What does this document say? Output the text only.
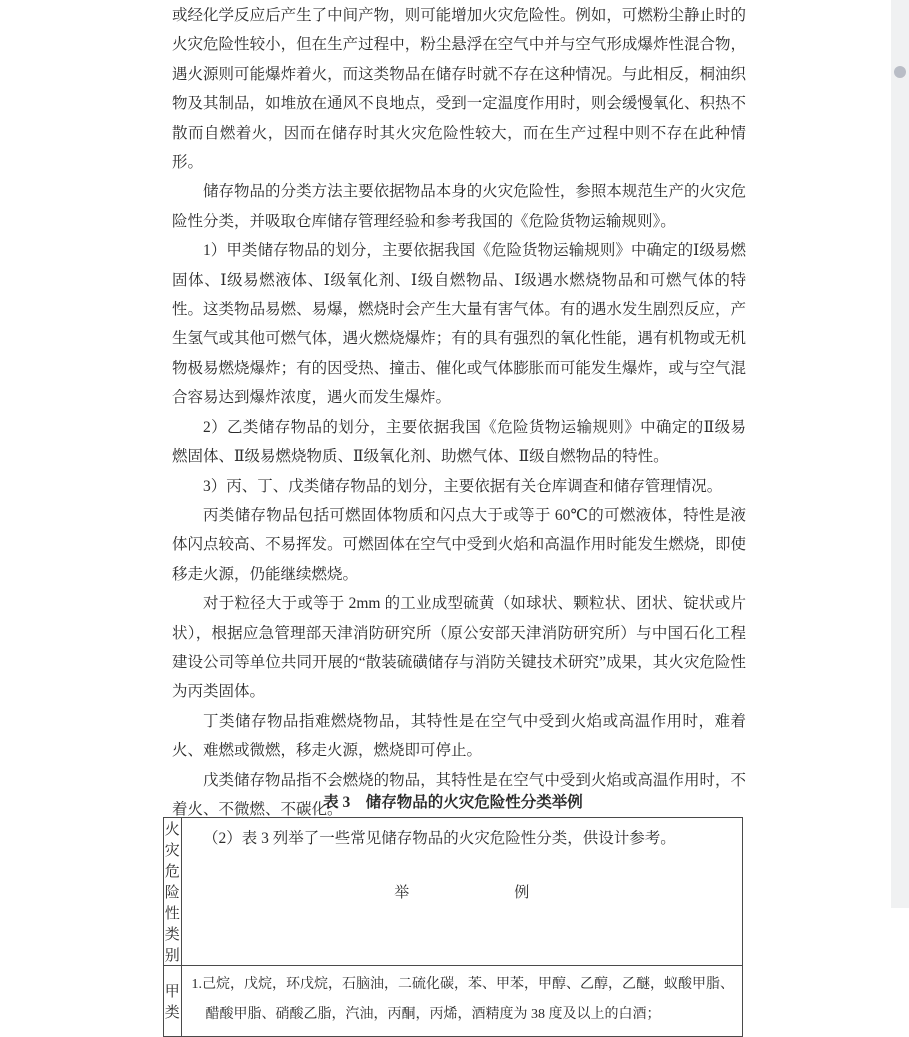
或经化学反应后产生了中间产物，则可能增加火灾危险性。例如，可燃粉尘静止时的火灾危险性较小，但在生产过程中，粉尘悬浮在空气中并与空气形成爆炸性混合物，遇火源则可能爆炸着火，而这类物品在储存时就不存在这种情况。与此相反，桐油织物及其制品，如堆放在通风不良地点，受到一定温度作用时，则会缓慢氧化、积热不散而自燃着火，因而在储存时其火灾危险性较大，而在生产过程中则不存在此种情形。

储存物品的分类方法主要依据物品本身的火灾危险性，参照本规范生产的火灾危险性分类，并吸取仓库储存管理经验和参考我国的《危险货物运输规则》。

1）甲类储存物品的划分，主要依据我国《危险货物运输规则》中确定的Ⅰ级易燃固体、Ⅰ级易燃液体、Ⅰ级氧化剂、Ⅰ级自燃物品、Ⅰ级遇水燃烧物品和可燃气体的特性。这类物品易燃、易爆，燃烧时会产生大量有害气体。有的遇水发生剧烈反应，产生氢气或其他可燃气体，遇火燃烧爆炸；有的具有强烈的氧化性能，遇有机物或无机物极易燃烧爆炸；有的因受热、撞击、催化或气体膨胀而可能发生爆炸，或与空气混合容易达到爆炸浓度，遇火而发生爆炸。

2）乙类储存物品的划分，主要依据我国《危险货物运输规则》中确定的Ⅱ级易燃固体、Ⅱ级易燃烧物质、Ⅱ级氧化剂、助燃气体、Ⅱ级自燃物品的特性。

3）丙、丁、戊类储存物品的划分，主要依据有关仓库调查和储存管理情况。

丙类储存物品包括可燃固体物质和闪点大于或等于 60℃的可燃液体，特性是液体闪点较高、不易挥发。可燃固体在空气中受到火焰和高温作用时能发生燃烧，即使移走火源，仍能继续燃烧。

对于粒径大于或等于 2mm 的工业成型硫黄（如球状、颗粒状、团状、锭状或片状），根据应急管理部天津消防研究所（原公安部天津消防研究所）与中国石化工程建设公司等单位共同开展的“散装硫磺储存与消防关键技术研究”成果，其火灾危险性为丙类固体。

丁类储存物品指难燃烧物品，其特性是在空气中受到火焰或高温作用时，难着火、难燃或微燃，移走火源，燃烧即可停止。

戊类储存物品指不会燃烧的物品，其特性是在空气中受到火焰或高温作用时，不着火、不微燃、不碳化。

（2）表 3 列举了一些常见储存物品的火灾危险性分类，供设计参考。

表 3　储存物品的火灾危险性分类举例
火灾危险性类别	举　　　　　　　例
甲类	1.己烷，戊烷，环戊烷，石脑油，二硫化碳，苯、甲苯，甲醇、乙醇，乙醚，蚁酸甲脂、
醋酸甲脂、硝酸乙脂，汽油，丙酮，丙烯，酒精度为 38 度及以上的白酒；
